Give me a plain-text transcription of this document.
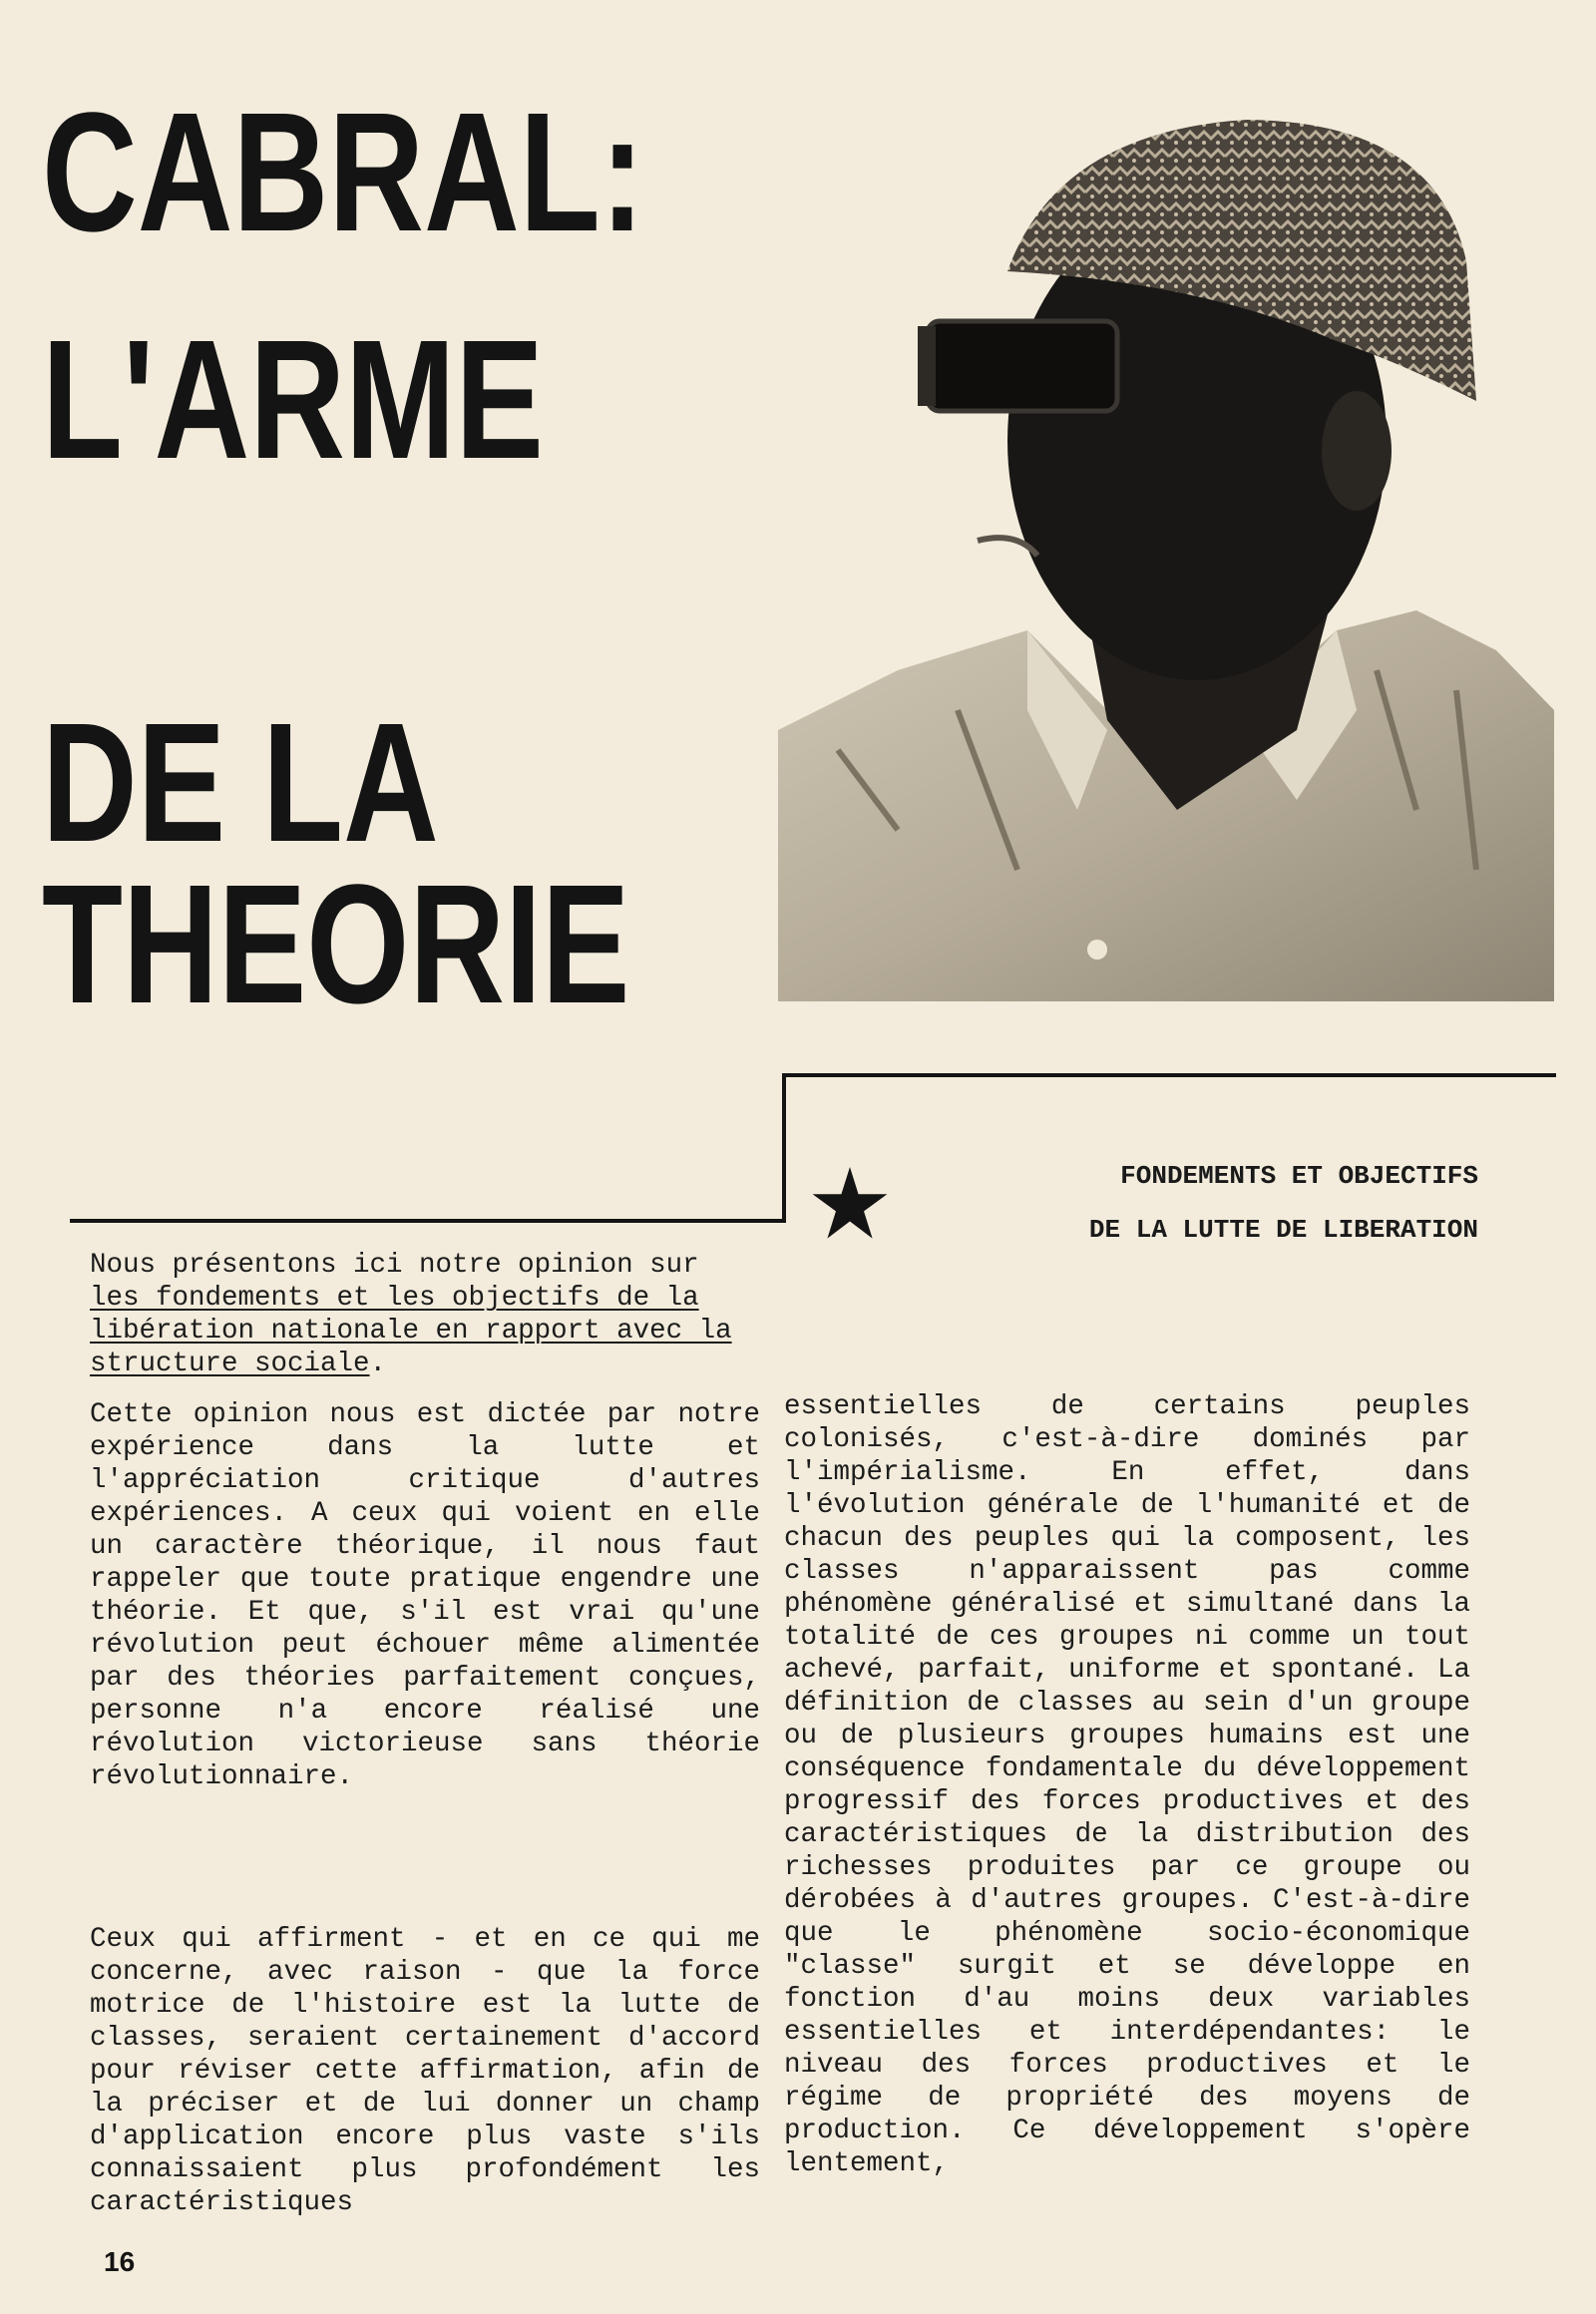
CABRAL:
L'ARME
DE LA
THEORIE

FONDEMENTS ET OBJECTIFS

DE LA LUTTE DE LIBERATION

Nous présentons ici notre opinion sur les fondements et les objectifs de la libération nationale en rapport avec la structure sociale.

Cette opinion nous est dictée par notre expérience dans la lutte et l'appréciation critique d'autres expériences. A ceux qui voient en elle un caractère théorique, il nous faut rappeler que toute pratique engendre une théorie. Et que, s'il est vrai qu'une révolution peut échouer même alimentée par des théories parfaitement conçues, personne n'a encore réalisé une révolution victorieuse sans théorie révolutionnaire.

Ceux qui affirment - et en ce qui me concerne, avec raison - que la force motrice de l'histoire est la lutte de classes, seraient certainement d'accord pour réviser cette affirmation, afin de la préciser et de lui donner un champ d'application encore plus vaste s'ils connaissaient plus profondément les caractéristiques

essentielles de certains peuples colonisés, c'est-à-dire dominés par l'impérialisme. En effet, dans l'évolution générale de l'humanité et de chacun des peuples qui la composent, les classes n'apparaissent pas comme phénomène généralisé et simultané dans la totalité de ces groupes ni comme un tout achevé, parfait, uniforme et spontané. La définition de classes au sein d'un groupe ou de plusieurs groupes humains est une conséquence fondamentale du développement progressif des forces productives et des caractéristiques de la distribution des richesses produites par ce groupe ou dérobées à d'autres groupes. C'est-à-dire que le phénomène socio-économique "classe" surgit et se développe en fonction d'au moins deux variables essentielles et interdépendantes: le niveau des forces productives et le régime de propriété des moyens de production. Ce développement s'opère lentement,

16
